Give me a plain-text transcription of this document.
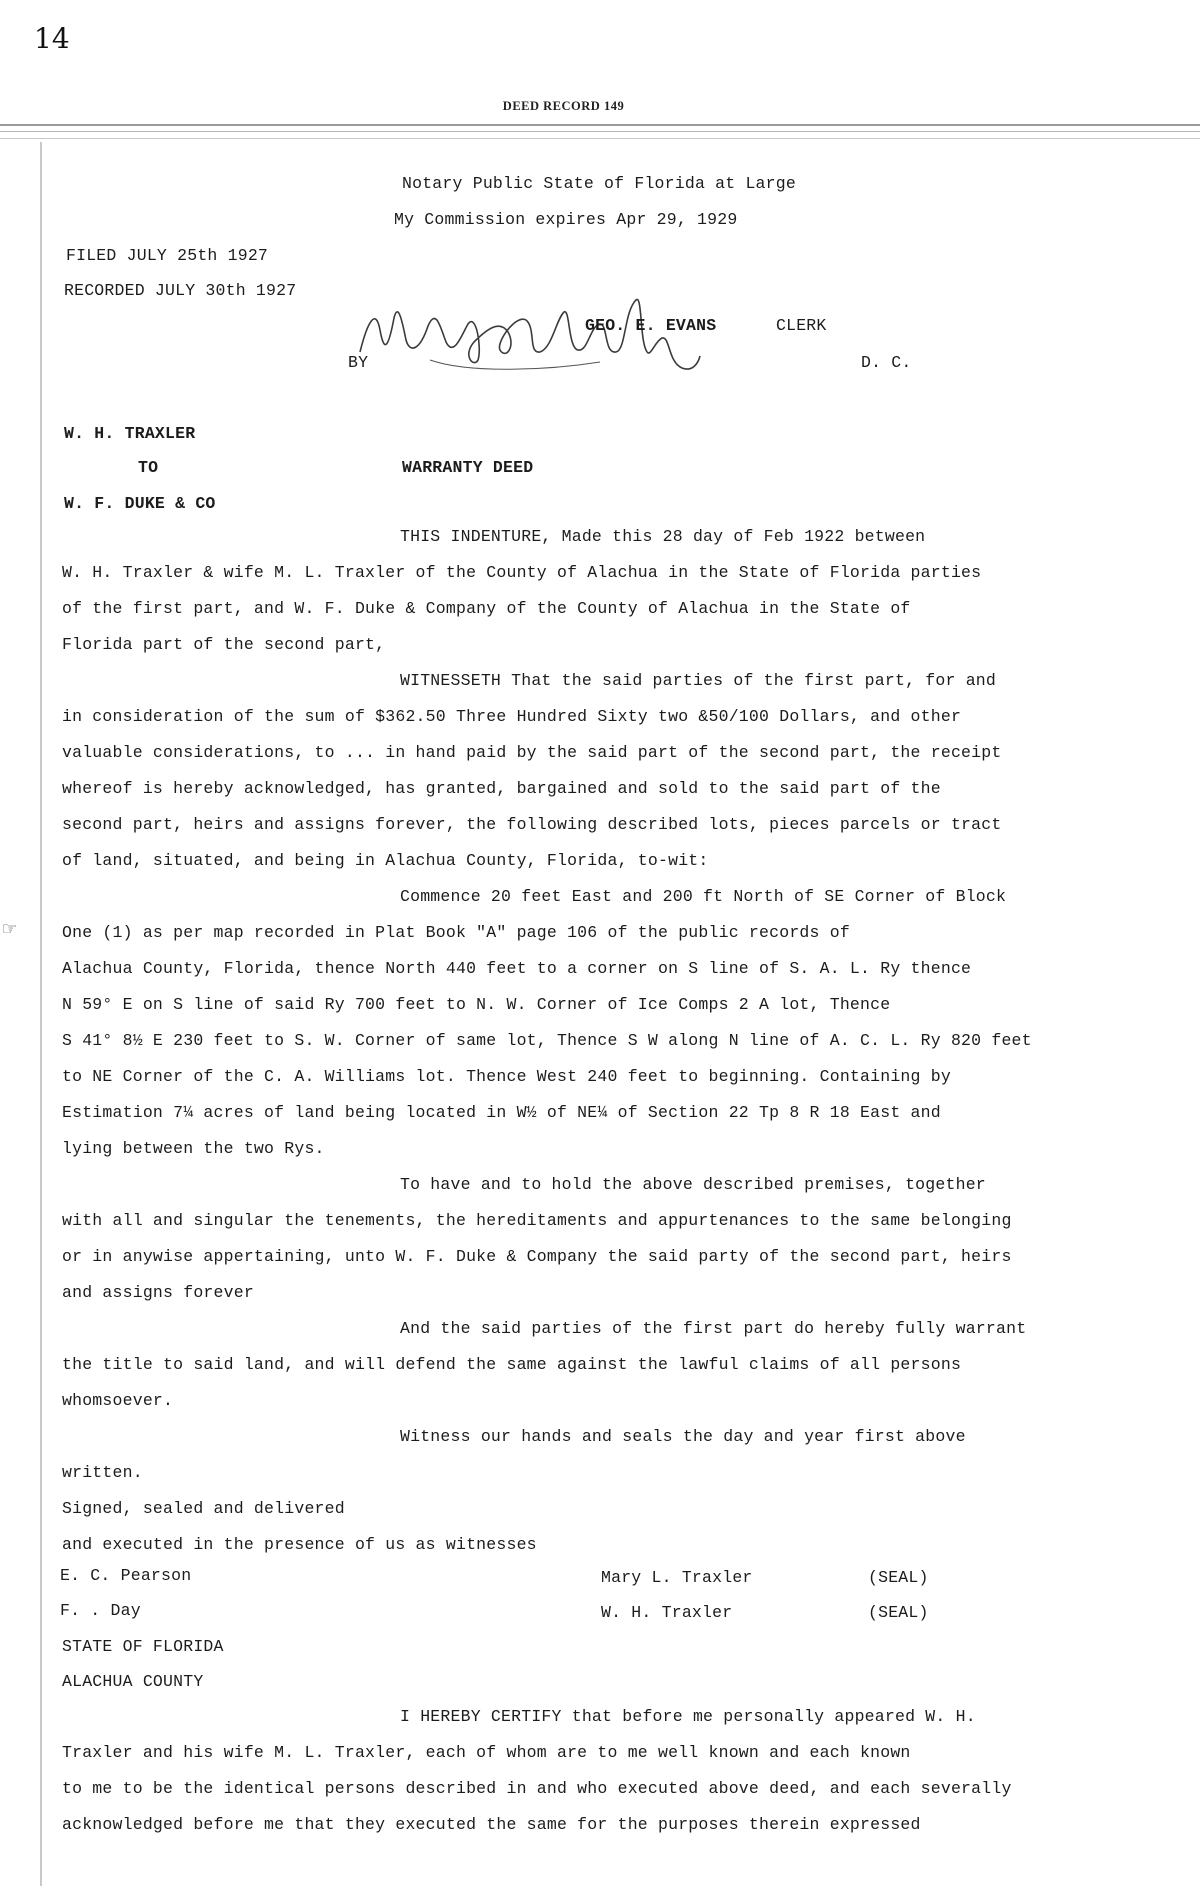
14
DEED RECORD 149
☞
Notary Public State of Florida at Large
My Commission expires Apr 29, 1929
FILED JULY 25th 1927
RECORDED JULY 30th 1927
BY
GEO. E. EVANS	CLERK
D. C.
W. H. TRAXLER
TO	WARRANTY DEED
W. F. DUKE & CO
THIS INDENTURE, Made this 28 day of Feb 1922 between
W. H. Traxler & wife M. L. Traxler of the County of Alachua in the State of Florida parties
of the first part, and W. F. Duke & Company of the County of Alachua in the State of
Florida part of the second part,
WITNESSETH That the said parties of the first part, for and
in consideration of the sum of $362.50 Three Hundred Sixty two &50/100 Dollars, and other
valuable considerations, to ... in hand paid by the said part of the second part, the receipt
whereof is hereby acknowledged, has granted, bargained and sold to the said part of the
second part, heirs and assigns forever, the following described lots, pieces parcels or tract
of land, situated, and being in Alachua County, Florida, to-wit:
Commence 20 feet East and 200 ft North of SE Corner of Block
One (1) as per map recorded in Plat Book "A" page 106 of the public records of
Alachua County, Florida, thence North 440 feet to a corner on S line of S. A. L. Ry thence
N 59° E on S line of said Ry 700 feet to N. W. Corner of Ice Comps 2 A lot, Thence
S 41° 8½ E 230 feet to S. W. Corner of same lot, Thence S W along N line of A. C. L. Ry 820 feet
to NE Corner of the C. A. Williams lot. Thence West 240 feet to beginning. Containing by
Estimation 7¼ acres of land being located in W½ of NE¼ of Section 22 Tp 8 R 18 East and
lying between the two Rys.
To have and to hold the above described premises, together
with all and singular the tenements, the hereditaments and appurtenances to the same belonging
or in anywise appertaining, unto W. F. Duke & Company the said party of the second part, heirs
and assigns forever
And the said parties of the first part do hereby fully warrant
the title to said land, and will defend the same against the lawful claims of all persons
whomsoever.
Witness our hands and seals the day and year first above
written.
Signed, sealed and delivered
and executed in the presence of us as witnesses
E. C. Pearson
F. . Day
Mary L. Traxler
W. H. Traxler
(SEAL)
(SEAL)
STATE OF FLORIDA
ALACHUA COUNTY
I HEREBY CERTIFY that before me personally appeared W. H.
Traxler and his wife M. L. Traxler, each of whom are to me well known and each known
to me to be the identical persons described in and who executed above deed, and each severally
acknowledged before me that they executed the same for the purposes therein expressed
